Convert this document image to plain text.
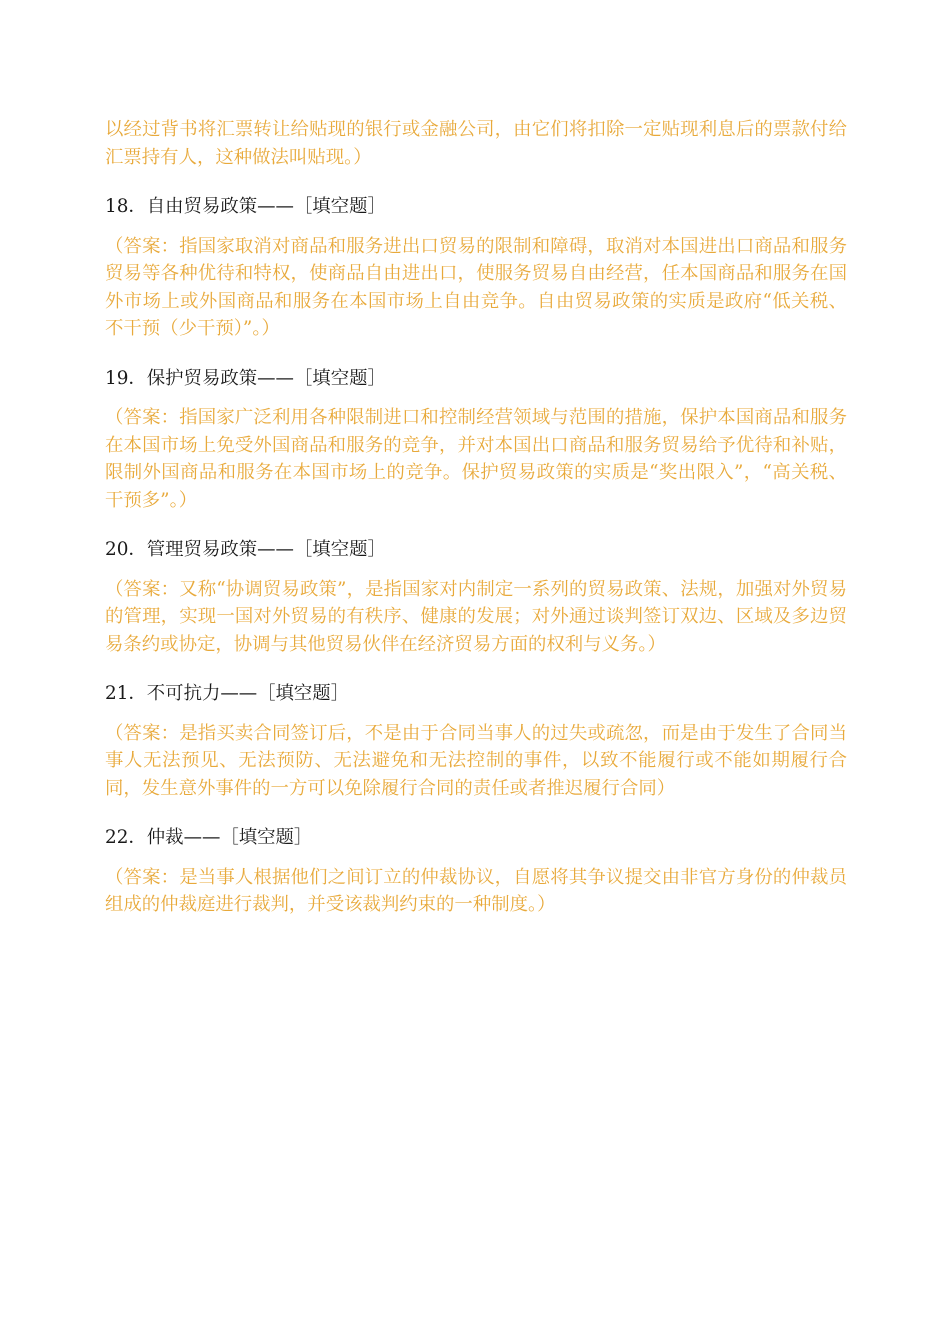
以经过背书将汇票转让给贴现的银行或金融公司，由它们将扣除一定贴现利息后的票款付给汇票持有人，这种做法叫贴现。）

18．自由贸易政策——［填空题］

（答案：指国家取消对商品和服务进出口贸易的限制和障碍，取消对本国进出口商品和服务贸易等各种优待和特权，使商品自由进出口，使服务贸易自由经营，任本国商品和服务在国外市场上或外国商品和服务在本国市场上自由竞争。自由贸易政策的实质是政府“低关税、不干预（少干预）”。）

19．保护贸易政策——［填空题］

（答案：指国家广泛利用各种限制进口和控制经营领域与范围的措施，保护本国商品和服务在本国市场上免受外国商品和服务的竞争，并对本国出口商品和服务贸易给予优待和补贴，限制外国商品和服务在本国市场上的竞争。保护贸易政策的实质是“奖出限入”，“高关税、干预多”。）

20．管理贸易政策——［填空题］

（答案：又称“协调贸易政策”，是指国家对内制定一系列的贸易政策、法规，加强对外贸易的管理，实现一国对外贸易的有秩序、健康的发展；对外通过谈判签订双边、区域及多边贸易条约或协定，协调与其他贸易伙伴在经济贸易方面的权利与义务。）

21．不可抗力——［填空题］

（答案：是指买卖合同签订后，不是由于合同当事人的过失或疏忽，而是由于发生了合同当事人无法预见、无法预防、无法避免和无法控制的事件，以致不能履行或不能如期履行合同，发生意外事件的一方可以免除履行合同的责任或者推迟履行合同）

22．仲裁——［填空题］

（答案：是当事人根据他们之间订立的仲裁协议，自愿将其争议提交由非官方身份的仲裁员组成的仲裁庭进行裁判，并受该裁判约束的一种制度。）
